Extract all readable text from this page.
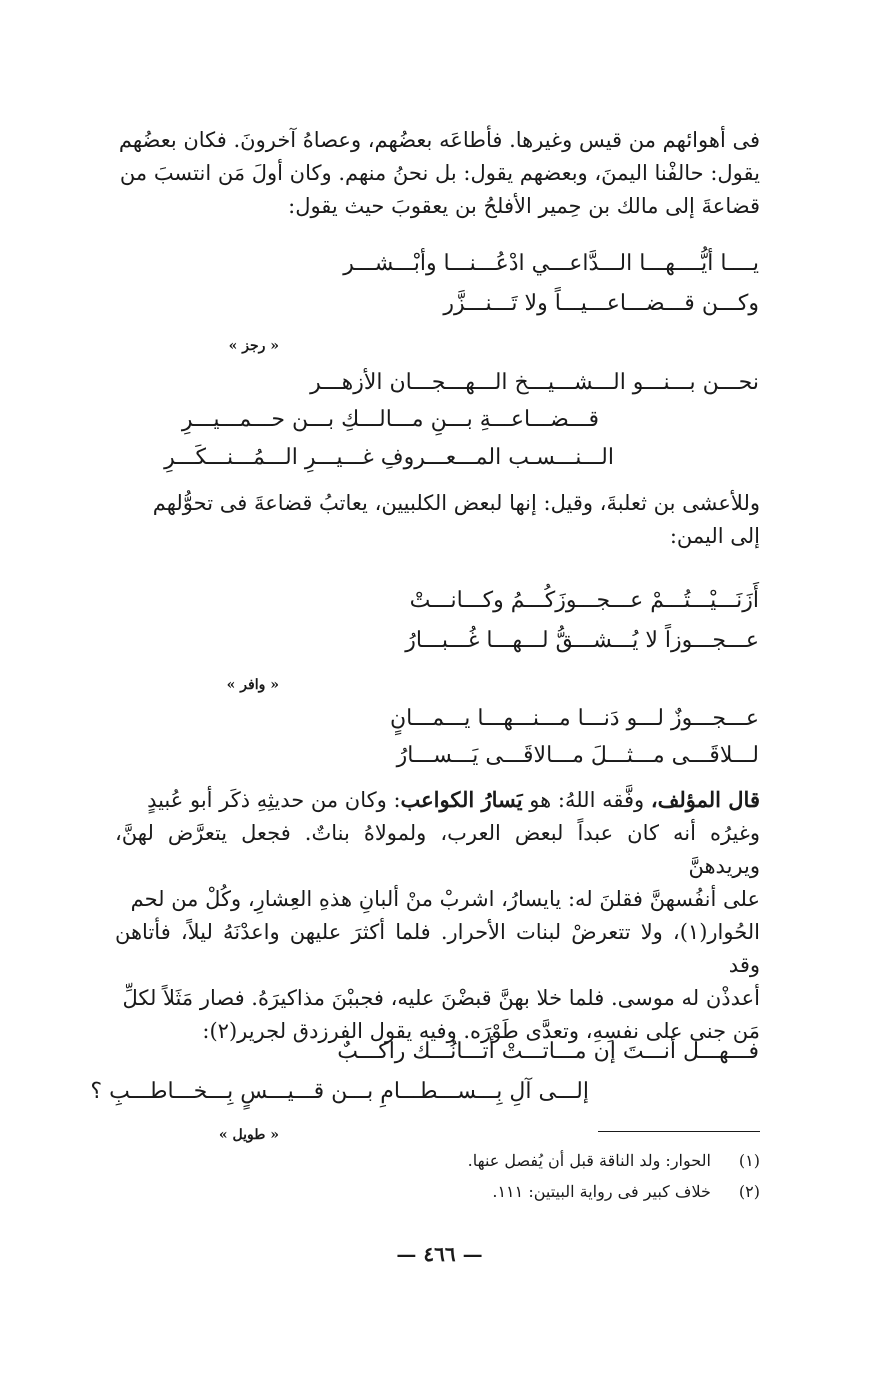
فى أهوائهم من قيس وغيرها. فأطاعَه بعضُهم، وعصاهُ آخرونَ. فكان بعضُهم
يقول: حالفْنا اليمنَ، وبعضهم يقول: بل نحنُ منهم. وكان أولَ مَن انتسبَ من
قضاعةَ إلى مالك بن حِمير الأفلحُ بن يعقوبَ حيث يقول:
يــــا أيُّــــهـــا الـــدَّاعـــي ادْعُـــنـــا وأبْـــشـــر
وكـــن قـــضـــاعـــيـــاً ولا تَـــنـــزَّر
« رجز »
نحـــن بـــنـــو الـــشـــيـــخ الـــهـــجـــان الأزهـــر
قـــضـــاعـــةِ بـــنِ مـــالـــكِ بـــن حـــمـــيـــرِ
الـــنـــسـب المـــعـــروفِ غـــيـــرِ الـــمُـــنـــكَـــرِ
وللأعشى بن ثعلبةَ، وقيل: إنها لبعض الكلبيين، يعاتبُ قضاعةَ فى تحوُّلهم
إلى اليمن:
أَزَنَـــيْـــتُـــمْ عـــجـــوزَكُـــمُ وكـــانـــتْ
عـــجـــوزاً لا يُـــشـــقُّ لـــهـــا غُـــبـــارُ
« وافر »
عـــجـــوزٌ لـــو دَنـــا مـــنـــهـــا يـــمـــانٍ
لـــلاقَـــى مـــثـــلَ مـــالاقَـــى يَـــســـارُ
قال المؤلف، وفَّقه اللهُ: هو يَسارُ الكواعب: وكان من حديثِهِ ذكَر أبو عُبيدٍ
وغيرُه أنه كان عبداً لبعض العرب، ولمولاهُ بناتٌ. فجعل يتعرَّض لهنَّ، ويريدهنَّ
على أنفُسهنَّ فقلنَ له: يايسارُ، اشربْ منْ ألبانِ هذهِ العِشارِ، وكُلْ من لحم
الحُوار(١)، ولا تتعرضْ لبنات الأحرار. فلما أكثرَ عليهن واعدْنَهُ ليلاً، فأتاهن وقد
أعدذْن له موسى. فلما خلا بهنَّ قبضْنَ عليه، فجببْنَ مذاكيرَهُ. فصار مَثَلاً لكلِّ
مَن جنى على نفسِهِ، وتعدَّى طَوْرَه. وفيه يقول الفرزدق لجرير(٢):
فـــهـــل أنـــتَ إن مـــاتـــتْ أتـــانُـــك راكـــبٌ
إلـــى آلِ بِـــســـطـــامِ بـــن قـــيـــسٍ بِـــخـــاطـــبِ ؟
« طويل »
(١)الحوار: ولد الناقة قبل أن يُفصل عنها.
(٢)خلاف كبير فى رواية البيتين: ١١١.
— ٤٦٦ —
